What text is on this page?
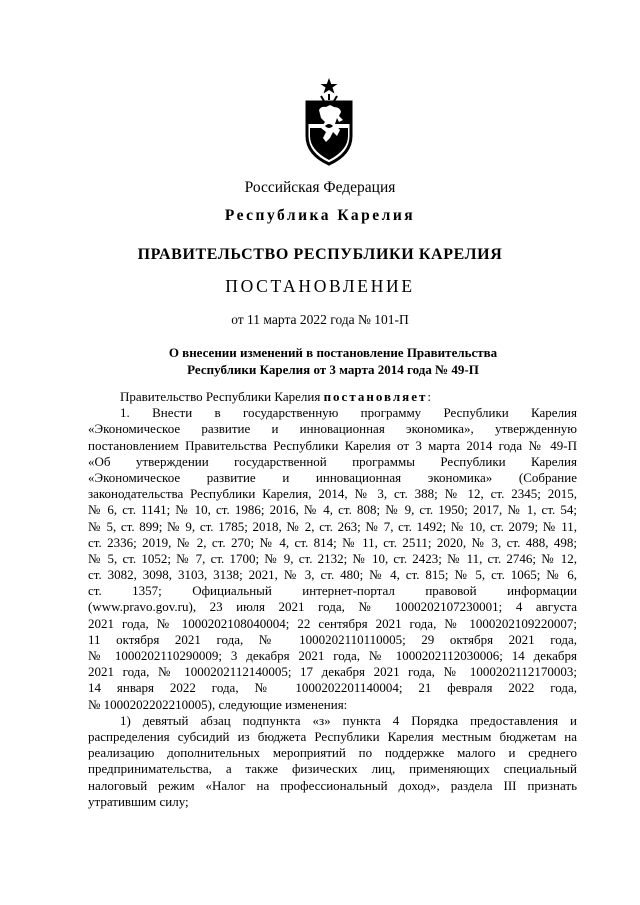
Российская Федерация
Республика Карелия
ПРАВИТЕЛЬСТВО РЕСПУБЛИКИ КАРЕЛИЯ
ПОСТАНОВЛЕНИЕ
от 11 марта 2022 года № 101-П
О внесении изменений в постановление Правительства
Республики Карелия от 3 марта 2014 года № 49-П
Правительство Республики Карелия постановляет:
1. Внести в государственную программу Республики Карелия
«Экономическое развитие и инновационная экономика», утвержденную
постановлением Правительства Республики Карелия от 3 марта 2014 года № 49-П
«Об утверждении государственной программы Республики Карелия
«Экономическое развитие и инновационная экономика» (Собрание
законодательства Республики Карелия, 2014, № 3, ст. 388; № 12, ст. 2345; 2015,
№ 6, ст. 1141; № 10, ст. 1986; 2016, № 4, ст. 808; № 9, ст. 1950; 2017, № 1, ст. 54;
№ 5, ст. 899; № 9, ст. 1785; 2018, № 2, ст. 263; № 7, ст. 1492; № 10, ст. 2079; № 11,
ст. 2336; 2019, № 2, ст. 270; № 4, ст. 814; № 11, ст. 2511; 2020, № 3, ст. 488, 498;
№ 5, ст. 1052; № 7, ст. 1700; № 9, ст. 2132; № 10, ст. 2423; № 11, ст. 2746; № 12,
ст. 3082, 3098, 3103, 3138; 2021, № 3, ст. 480; № 4, ст. 815; № 5, ст. 1065; № 6,
ст. 1357; Официальный интернет-портал правовой информации
(www.pravo.gov.ru), 23 июля 2021 года, № 1000202107230001; 4 августа
2021 года, № 1000202108040004; 22 сентября 2021 года, № 1000202109220007;
11 октября 2021 года, № 1000202110110005; 29 октября 2021 года,
№ 1000202110290009; 3 декабря 2021 года, № 1000202112030006; 14 декабря
2021 года, № 1000202112140005; 17 декабря 2021 года, № 1000202112170003;
14 января 2022 года, № 1000202201140004; 21 февраля 2022 года,
№ 1000202202210005), следующие изменения:
1) девятый абзац подпункта «з» пункта 4 Порядка предоставления и
распределения субсидий из бюджета Республики Карелия местным бюджетам на
реализацию дополнительных мероприятий по поддержке малого и среднего
предпринимательства, а также физических лиц, применяющих специальный
налоговый режим «Налог на профессиональный доход», раздела III признать
утратившим силу;
